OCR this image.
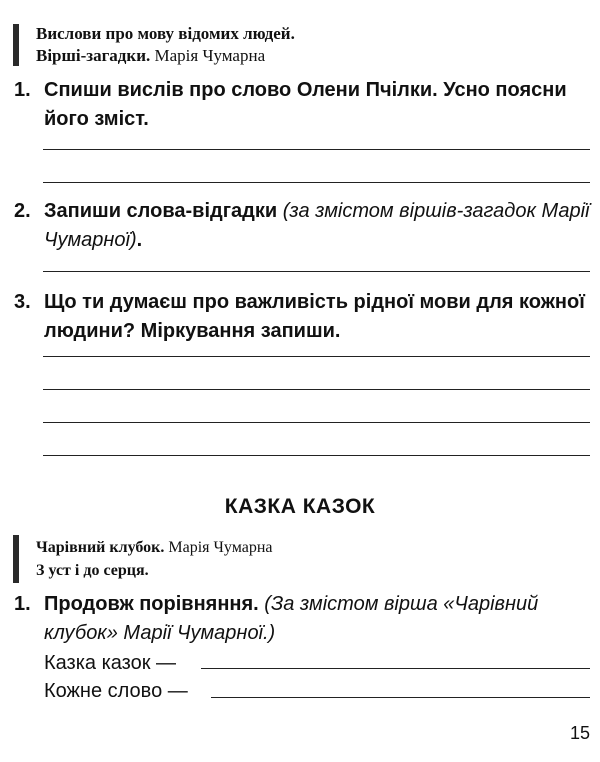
Вислови про мову відомих людей.
Вірші-загадки. Марія Чумарна
1. Спиши вислів про слово Олени Пчілки. Усно поясни його зміст.
2. Запиши слова-відгадки (за змістом віршів-загадок Марії Чумарної).
3. Що ти думаєш про важливість рідної мови для кожної людини? Міркування запиши.
КАЗКА КАЗОК
Чарівний клубок. Марія Чумарна
З уст і до серця.
1. Продовж порівняння. (За змістом вірша «Чарівний клубок» Марії Чумарної.)
Казка казок —
Кожне слово —
15
